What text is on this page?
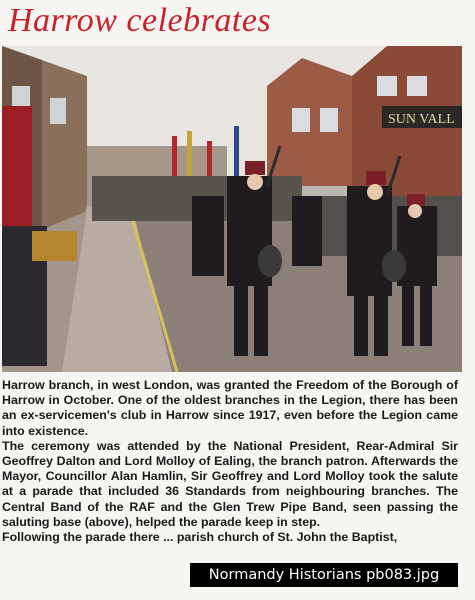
Harrow celebrates
SUN VALL

Harrow branch, in west London, was granted the Freedom of the Borough of Harrow in October. One of the oldest branches in the Legion, there has been an ex-servicemen's club in Harrow since 1917, even before the Legion came into existence.

The ceremony was attended by the National President, Rear-Admiral Sir Geoffrey Dalton and Lord Molloy of Ealing, the branch patron. Afterwards the Mayor, Councillor Alan Hamlin, Sir Geoffrey and Lord Molloy took the salute at a parade that included 36 Standards from neighbouring branches. The Central Band of the RAF and the Glen Trew Pipe Band, seen passing the saluting base (above), helped the parade keep in step.

Following the parade there ... parish church of St. John the Baptist,

Normandy Historians pb083.jpg
